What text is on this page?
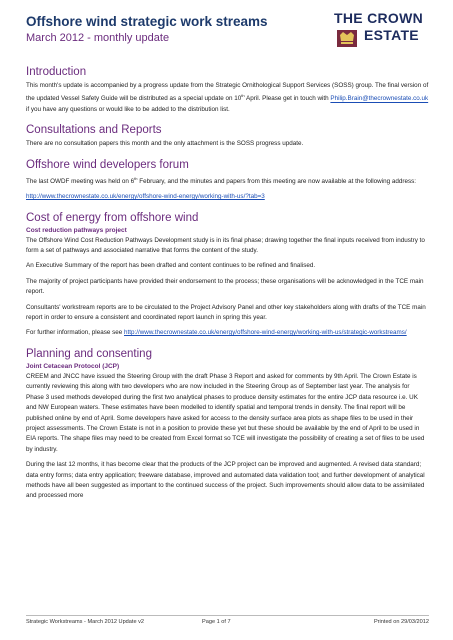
Offshore wind strategic work streams
March 2012 - monthly update
THE CROWN
ESTATE
Introduction

This month's update is accompanied by a progress update from the Strategic Ornithological Support Services (SOSS) group. The final version of the updated Vessel Safety Guide will be distributed as a special update on 10th April. Please get in touch with Philip.Brain@thecrownestate.co.uk if you have any questions or would like to be added to the distribution list.

Consultations and Reports

There are no consultation papers this month and the only attachment is the SOSS progress update.

Offshore wind developers forum

The last OWDF meeting was held on 6th February, and the minutes and papers from this meeting are now available at the following address:

http://www.thecrownestate.co.uk/energy/offshore-wind-energy/working-with-us/?tab=3

Cost of energy from offshore wind
Cost reduction pathways project

The Offshore Wind Cost Reduction Pathways Development study is in its final phase; drawing together the final inputs received from industry to form a set of pathways and associated narrative that forms the content of the study.

An Executive Summary of the report has been drafted and content continues to be refined and finalised.

The majority of project participants have provided their endorsement to the process; these organisations will be acknowledged in the TCE main report.

Consultants' workstream reports are to be circulated to the Project Advisory Panel and other key stakeholders along with drafts of the TCE main report in order to ensure a consistent and coordinated report launch in spring this year.

For further information, please see http://www.thecrownestate.co.uk/energy/offshore-wind-energy/working-with-us/strategic-workstreams/

Planning and consenting
Joint Cetacean Protocol (JCP)

CREEM and JNCC have issued the Steering Group with the draft Phase 3 Report and asked for comments by 9th April. The Crown Estate is currently reviewing this along with two developers who are now included in the Steering Group as of September last year. The analysis for Phase 3 used methods developed during the first two analytical phases to produce density estimates for the entire JCP data resource i.e. UK and NW European waters. These estimates have been modelled to identify spatial and temporal trends in density. The final report will be published online by end of April. Some developers have asked for access to the density surface area plots as shape files to be used in their project assessments. The Crown Estate is not in a position to provide these yet but these should be available by the end of April to be used in EIA reports. The shape files may need to be created from Excel format so TCE will investigate the possibility of creating a set of files to be used by industry.

During the last 12 months, it has become clear that the products of the JCP project can be improved and augmented. A revised data standard; data entry forms; data entry application; freeware database, improved and automated data validation tool; and further development of analytical methods have all been suggested as important to the continued success of the project. Such improvements should allow data to be assimilated and processed more

Strategic Workstreams - March 2012 Update v2	Page 1 of 7	Printed on 29/03/2012
